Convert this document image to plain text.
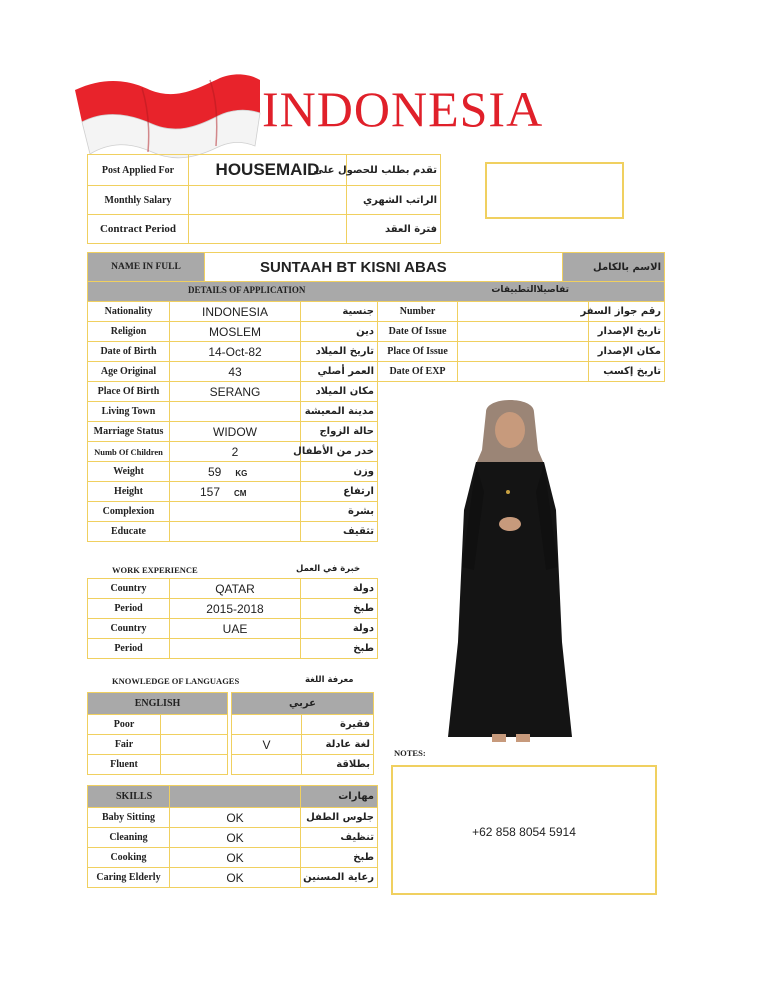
INDONESIA
Post Applied For	HOUSEMAID	تقدم بطلب للحصول على
Monthly Salary		الراتب الشهري
Contract Period		فترة العقد
NAME IN FULL	SUNTAAH BT KISNI ABAS	الاسم بالكامل

DETAILS OF APPLICATION	تفاصيلاالتطبيقات
Nationality	INDONESIA	جنسية
Religion	MOSLEM	دين
Date of Birth	14-Oct-82	تاريخ الميلاد
Age Original	43	العمر أصلي
Place Of Birth	SERANG	مكان الميلاد
Living Town		مدينة المعيشة
Marriage Status	WIDOW	حالة الزواج
Numb Of Children	2	خدر من الأطفال
Weight	59 KG	وزن
Height	157 CM	ارتفاع
Complexion		بشرة
Educate		تثقيف
Number		رقم جواز السفر
Date Of Issue		تاريخ الإصدار
Place Of Issue		مكان الإصدار
Date Of EXP		تاريخ إكسب
WORK EXPERIENCE	خبرة في العمل
Country	QATAR	دولة
Period	2015-2018	طبخ
Country	UAE	دولة
Period		طبخ
KNOWLEDGE OF LANGUAGES	معرفة اللغة
ENGLISH	
Poor	
Fair	
Fluent	
عربي	
	فقيرة
V	لغة عادلة
	بطلاقة
SKILLS		مهارات
Baby Sitting	OK	جلوس الطفل
Cleaning	OK	تنظيف
Cooking	OK	طبخ
Caring Elderly	OK	رعاية المسنين
NOTES:
+62 858 8054 5914
